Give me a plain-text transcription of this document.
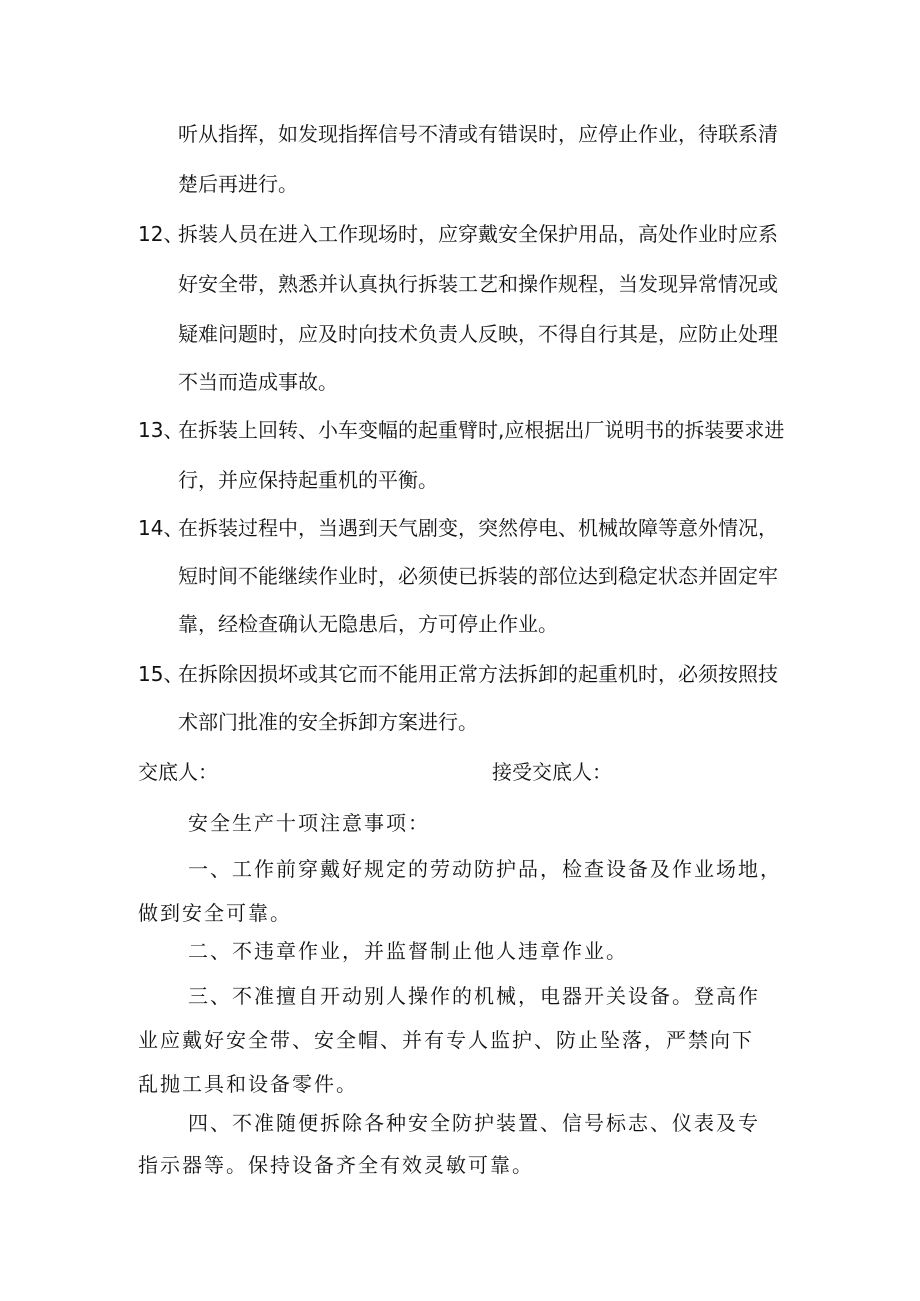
听从指挥，如发现指挥信号不清或有错误时，应停止作业，待联系清
楚后再进行。
12、
拆装人员在进入工作现场时，应穿戴安全保护用品，高处作业时应系
好安全带，熟悉并认真执行拆装工艺和操作规程，当发现异常情况或
疑难问题时，应及时向技术负责人反映，不得自行其是，应防止处理
不当而造成事故。
13、
在拆装上回转、小车变幅的起重臂时,应根据出厂说明书的拆装要求进
行，并应保持起重机的平衡。
14、
在拆装过程中，当遇到天气剧变，突然停电、机械故障等意外情况，
短时间不能继续作业时，必须使已拆装的部位达到稳定状态并固定牢
靠，经检查确认无隐患后，方可停止作业。
15、
在拆除因损坏或其它而不能用正常方法拆卸的起重机时，必须按照技
术部门批准的安全拆卸方案进行。
交底人：	接受交底人：
安全生产十项注意事项：
一、工作前穿戴好规定的劳动防护品，检查设备及作业场地，
做到安全可靠。
二、不违章作业，并监督制止他人违章作业。
三、不准擅自开动别人操作的机械，电器开关设备。登高作
业应戴好安全带、安全帽、并有专人监护、防止坠落，严禁向下
乱抛工具和设备零件。
四、不准随便拆除各种安全防护装置、信号标志、仪表及专
指示器等。保持设备齐全有效灵敏可靠。
